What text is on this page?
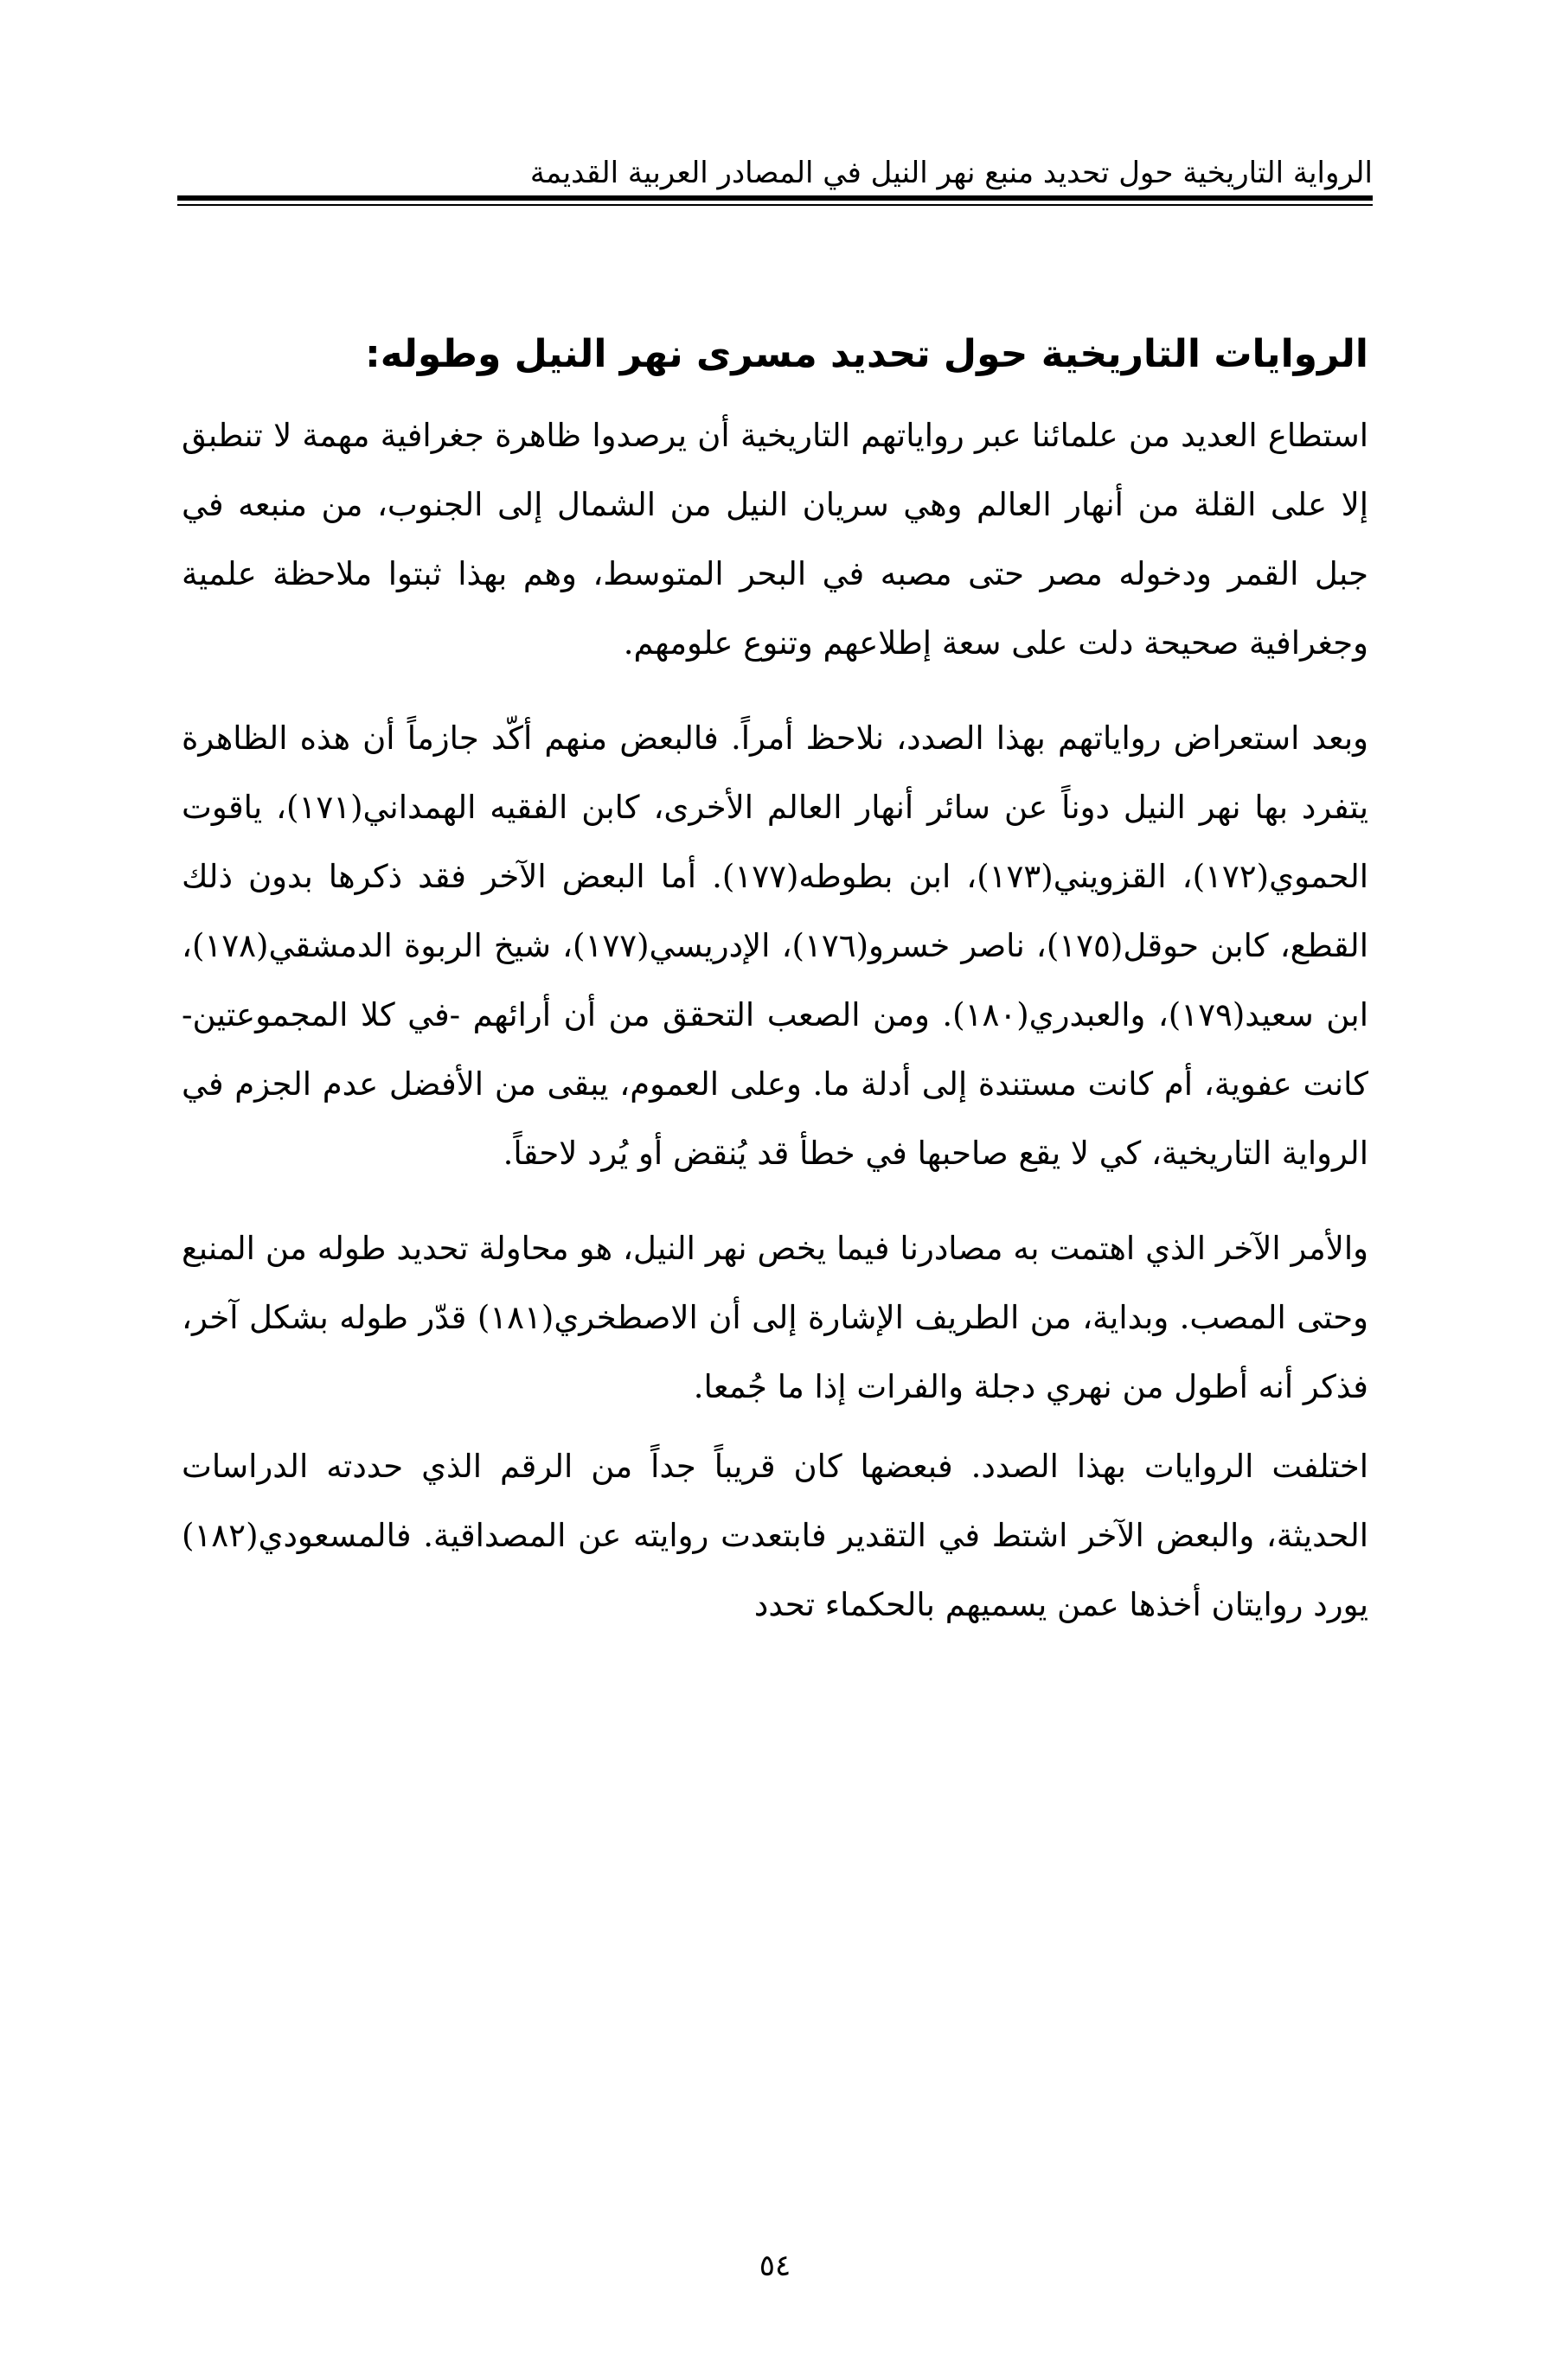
الرواية التاريخية حول تحديد منبع نهر النيل في المصادر العربية القديمة
الروايات التاريخية حول تحديد مسرى نهر النيل وطوله:

استطاع العديد من علمائنا عبر رواياتهم التاريخية أن يرصدوا ظاهرة جغرافية مهمة لا تنطبق إلا على القلة من أنهار العالم وهي سريان النيل من الشمال إلى الجنوب، من منبعه في جبل القمر ودخوله مصر حتى مصبه في البحر المتوسط، وهم بهذا ثبتوا ملاحظة علمية وجغرافية صحيحة دلت على سعة إطلاعهم وتنوع علومهم.

وبعد استعراض رواياتهم بهذا الصدد، نلاحظ أمراً. فالبعض منهم أكّد جازماً أن هذه الظاهرة يتفرد بها نهر النيل دوناً عن سائر أنهار العالم الأخرى، كابن الفقيه الهمداني(١٧١)، ياقوت الحموي(١٧٢)، القزويني(١٧٣)، ابن بطوطه(١٧٧). أما البعض الآخر فقد ذكرها بدون ذلك القطع، كابن حوقل(١٧٥)، ناصر خسرو(١٧٦)، الإدريسي(١٧٧)، شيخ الربوة الدمشقي(١٧٨)، ابن سعيد(١٧٩)، والعبدري(١٨٠). ومن الصعب التحقق من أن أرائهم -في كلا المجموعتين- كانت عفوية، أم كانت مستندة إلى أدلة ما. وعلى العموم، يبقى من الأفضل عدم الجزم في الرواية التاريخية، كي لا يقع صاحبها في خطأ قد يُنقض أو يُرد لاحقاً.

والأمر الآخر الذي اهتمت به مصادرنا فيما يخص نهر النيل، هو محاولة تحديد طوله من المنبع وحتى المصب. وبداية، من الطريف الإشارة إلى أن الاصطخري(١٨١) قدّر طوله بشكل آخر، فذكر أنه أطول من نهري دجلة والفرات إذا ما جُمعا.

اختلفت الروايات بهذا الصدد. فبعضها كان قريباً جداً من الرقم الذي حددته الدراسات الحديثة، والبعض الآخر اشتط في التقدير فابتعدت روايته عن المصداقية. فالمسعودي(١٨٢) يورد روايتان أخذها عمن يسميهم بالحكماء تحدد

٥٤
